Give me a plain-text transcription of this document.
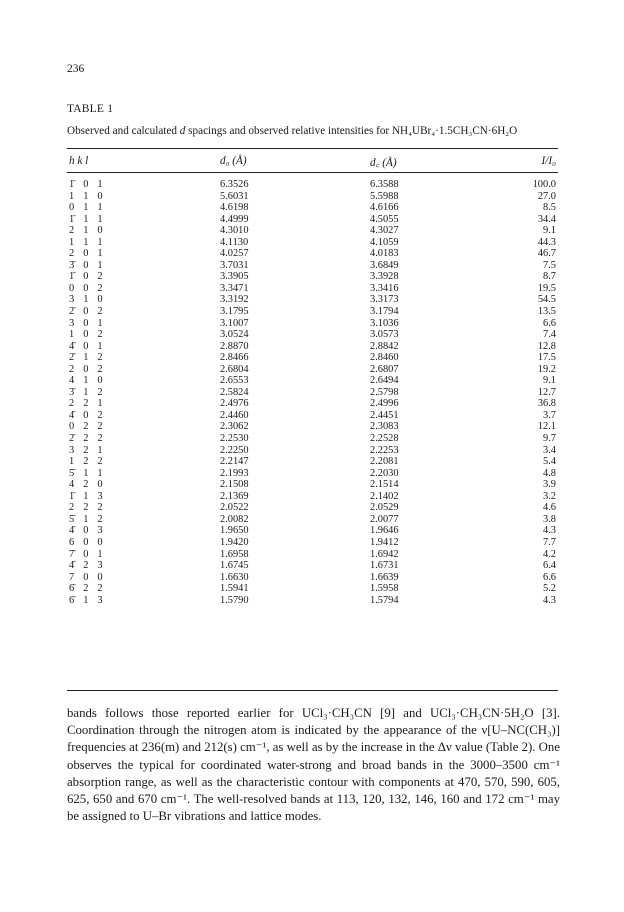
236
TABLE 1
Observed and calculated d spacings and observed relative intensities for NH₄UBr₄·1.5CH₃CN·6H₂O
h k l	d₀ (Å)	d꜀ (Å)	I/I₀
1̄ 0 1	6.3526	6.3588	100.0
1 1 0	5.6031	5.5988	27.0
0 1 1	4.6198	4.6166	8.5
1̄ 1 1	4.4999	4.5055	34.4
2 1 0	4.3010	4.3027	9.1
1 1 1	4.1130	4.1059	44.3
2 0 1	4.0257	4.0183	46.7
3̄ 0 1	3.7031	3.6849	7.5
1̄ 0 2	3.3905	3.3928	8.7
0 0 2	3.3471	3.3416	19.5
3 1 0	3.3192	3.3173	54.5
2̄ 0 2	3.1795	3.1794	13.5
3 0 1	3.1007	3.1036	6.6
1 0 2	3.0524	3.0573	7.4
4̄ 0 1	2.8870	2.8842	12.8
2̄ 1 2	2.8466	2.8460	17.5
2 0 2	2.6804	2.6807	19.2
4 1 0	2.6553	2.6494	9.1
3̄ 1 2	2.5824	2.5798	12.7
2 2 1	2.4976	2.4996	36.8
4̄ 0 2	2.4460	2.4451	3.7
0 2 2	2.3062	2.3083	12.1
2̄ 2 2	2.2530	2.2528	9.7
3 2 1	2.2250	2.2253	3.4
1 2 2	2.2147	2.2081	5.4
5̄ 1 1	2.1993	2.2030	4.8
4 2 0	2.1508	2.1514	3.9
1̄ 1 3	2.1369	2.1402	3.2
2 2 2	2.0522	2.0529	4.6
5̄ 1 2	2.0082	2.0077	3.8
4̄ 0 3	1.9650	1.9646	4.3
6 0 0	1.9420	1.9412	7.7
7̄ 0 1	1.6958	1.6942	4.2
4̄ 2 3	1.6745	1.6731	6.4
7 0 0	1.6630	1.6639	6.6
6̄ 2 2	1.5941	1.5958	5.2
6̄ 1 3	1.5790	1.5794	4.3
bands follows those reported earlier for UCl₃·CH₃CN [9] and UCl₃·CH₃CN·5H₂O [3]. Coordination through the nitrogen atom is indicated by the appearance of the ν[U–NC(CH₃)] frequencies at 236(m) and 212(s) cm⁻¹, as well as by the increase in the Δν value (Table 2). One observes the typical for coordinated water-strong and broad bands in the 3000–3500 cm⁻¹ absorption range, as well as the characteristic contour with components at 470, 570, 590, 605, 625, 650 and 670 cm⁻¹. The well-resolved bands at 113, 120, 132, 146, 160 and 172 cm⁻¹ may be assigned to U–Br vibrations and lattice modes.
